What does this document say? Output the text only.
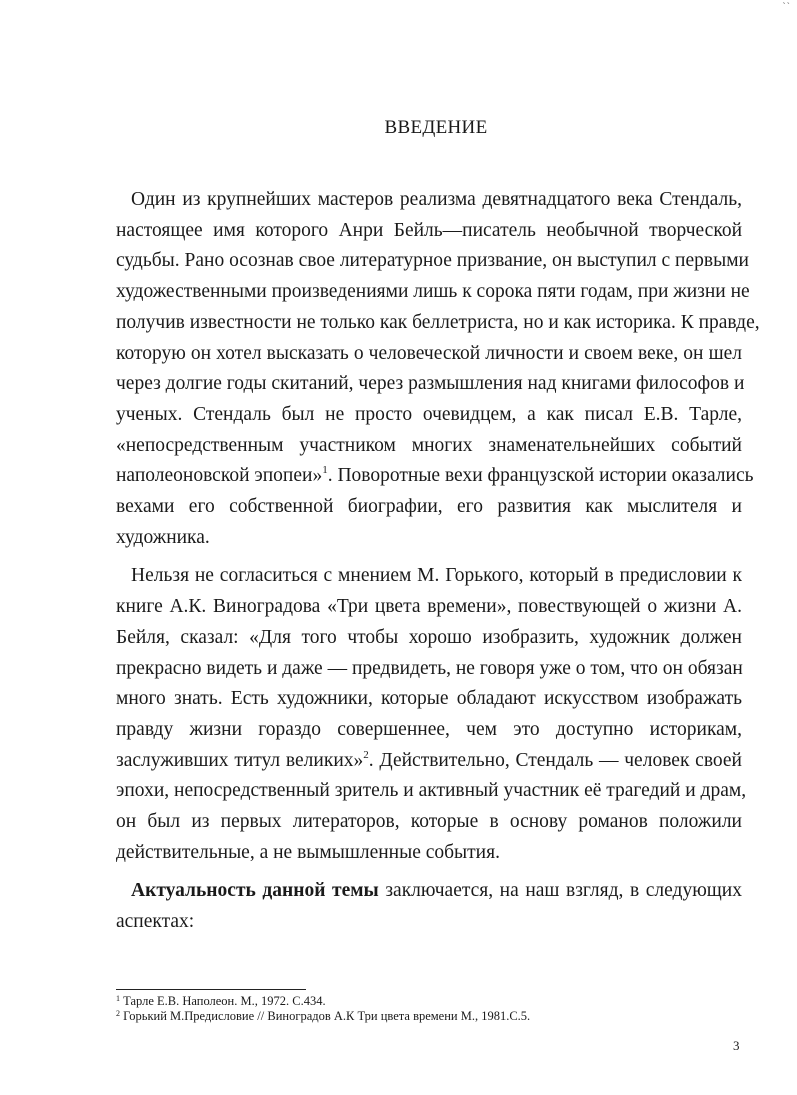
``
ВВЕДЕНИЕ
Один из крупнейших мастеров реализма девятнадцатого века Стендаль,
настоящее имя которого Анри Бейль—писатель необычной творческой
судьбы. Рано осознав свое литературное призвание, он выступил с первыми
художественными произведениями лишь к сорока пяти годам, при жизни не
получив известности не только как беллетриста, но и как историка. К правде,
которую он хотел высказать о человеческой личности и своем веке, он шел
через долгие годы скитаний, через размышления над книгами философов и
ученых. Стендаль был не просто очевидцем, а как писал Е.В. Тарле,
«непосредственным участником многих знаменательнейших событий
наполеоновской эпопеи»$^1$. Поворотные вехи французской истории оказались
вехами его собственной биографии, его развития как мыслителя и
художника.
Нельзя не согласиться с мнением М. Горького, который в предисловии к
книге А.К. Виноградова «Три цвета времени», повествующей о жизни А.
Бейля, сказал: «Для того чтобы хорошо изобразить, художник должен
прекрасно видеть и даже — предвидеть, не говоря уже о том, что он обязан
много знать. Есть художники, которые обладают искусством изображать
правду жизни гораздо совершеннее, чем это доступно историкам,
заслуживших титул великих»$^2$. Действительно, Стендаль — человек своей
эпохи, непосредственный зритель и активный участник её трагедий и драм,
он был из первых литераторов, которые в основу романов положили
действительные, а не вымышленные события.
Актуальность данной темы заключается, на наш взгляд, в следующих
аспектах:
$^1$ Тарле Е.В. Наполеон. М., 1972. С.434.
$^2$ Горький М.Предисловие // Виноградов А.К Три цвета времени М., 1981.С.5.
3
